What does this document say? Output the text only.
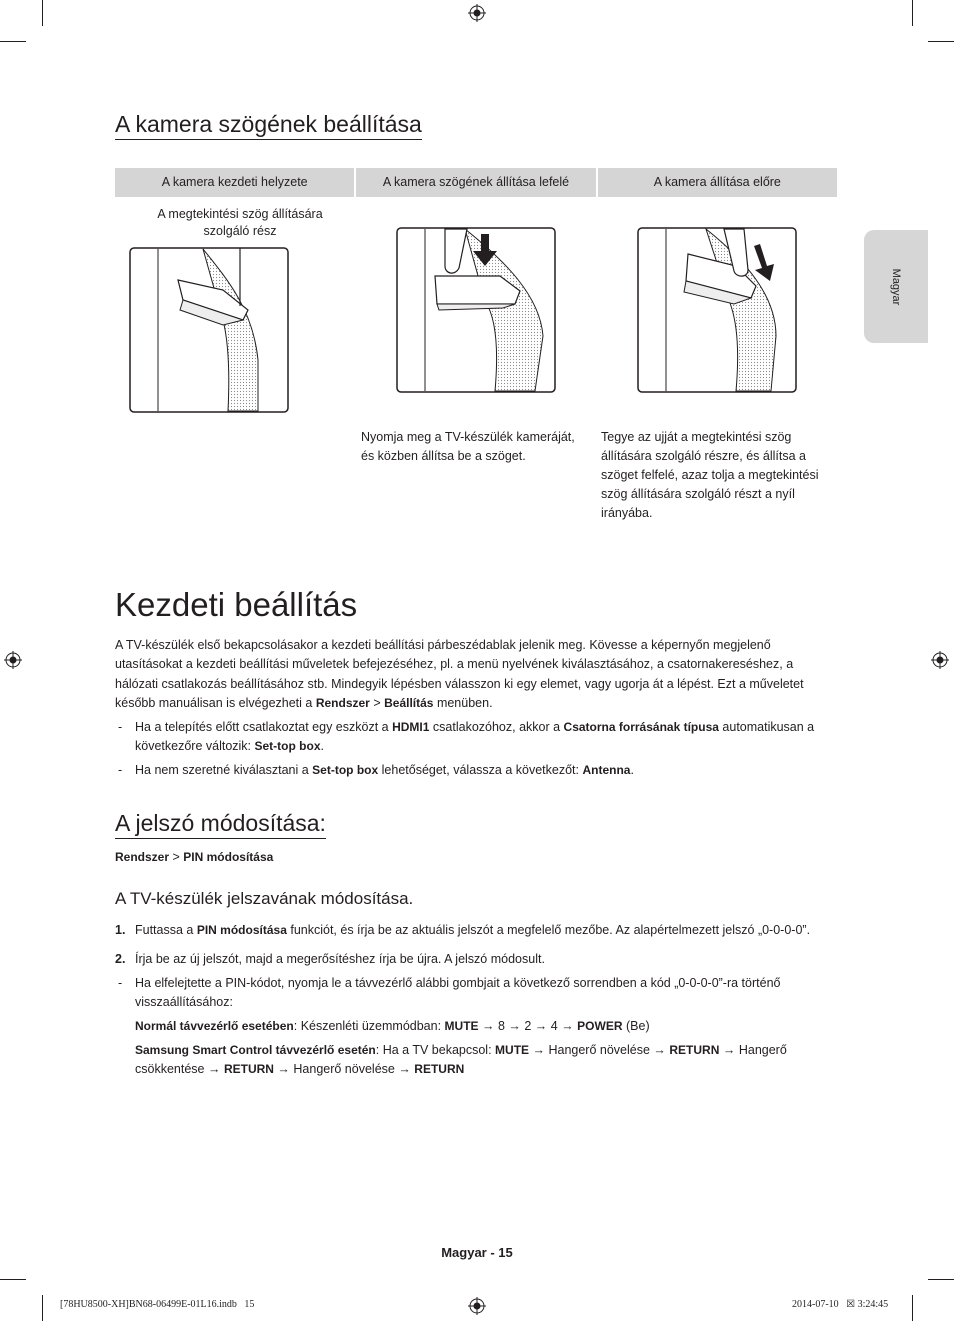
Magyar
A kamera szögének beállítása
A kamera kezdeti helyzete	A kamera szögének állítása lefelé	A kamera állítása előre
A megtekintési szög állítására
szolgáló rész
Nyomja meg a TV-készülék kameráját,
és közben állítsa be a szöget.
Tegye az ujját a megtekintési szög
állítására szolgáló részre, és állítsa a
szöget felfelé, azaz tolja a megtekintési
szög állítására szolgáló részt a nyíl
irányába.
Kezdeti beállítás
A TV-készülék első bekapcsolásakor a kezdeti beállítási párbeszédablak jelenik meg. Kövesse a képernyőn megjelenő
utasításokat a kezdeti beállítási műveletek befejezéséhez, pl. a menü nyelvének kiválasztásához, a csatornakereséshez, a
hálózati csatlakozás beállításához stb. Mindegyik lépésben válasszon ki egy elemet, vagy ugorja át a lépést. Ezt a műveletet
később manuálisan is elvégezheti a Rendszer > Beállítás menüben.
- Ha a telepítés előtt csatlakoztat egy eszközt a HDMI1 csatlakozóhoz, akkor a Csatorna forrásának típusa automatikusan a
következőre változik: Set-top box.
- Ha nem szeretné kiválasztani a Set-top box lehetőséget, válassza a következőt: Antenna.
A jelszó módosítása:
Rendszer > PIN módosítása
A TV-készülék jelszavának módosítása.
1. Futtassa a PIN módosítása funkciót, és írja be az aktuális jelszót a megfelelő mezőbe. Az alapértelmezett jelszó „0-0-0-0”.
2. Írja be az új jelszót, majd a megerősítéshez írja be újra. A jelszó módosult.
- Ha elfelejtette a PIN-kódot, nyomja le a távvezérlő alábbi gombjait a következő sorrendben a kód „0-0-0-0”-ra történő
visszaállításához:
Normál távvezérlő esetében: Készenléti üzemmódban: MUTE → 8 → 2 → 4 → POWER (Be)
Samsung Smart Control távvezérlő esetén: Ha a TV bekapcsol: MUTE → Hangerő növelése → RETURN → Hangerő
csökkentése → RETURN → Hangerő növelése → RETURN
Magyar - 15
[78HU8500-XH]BN68-06499E-01L16.indb   15	2014-07-10   ☒ 3:24:45
